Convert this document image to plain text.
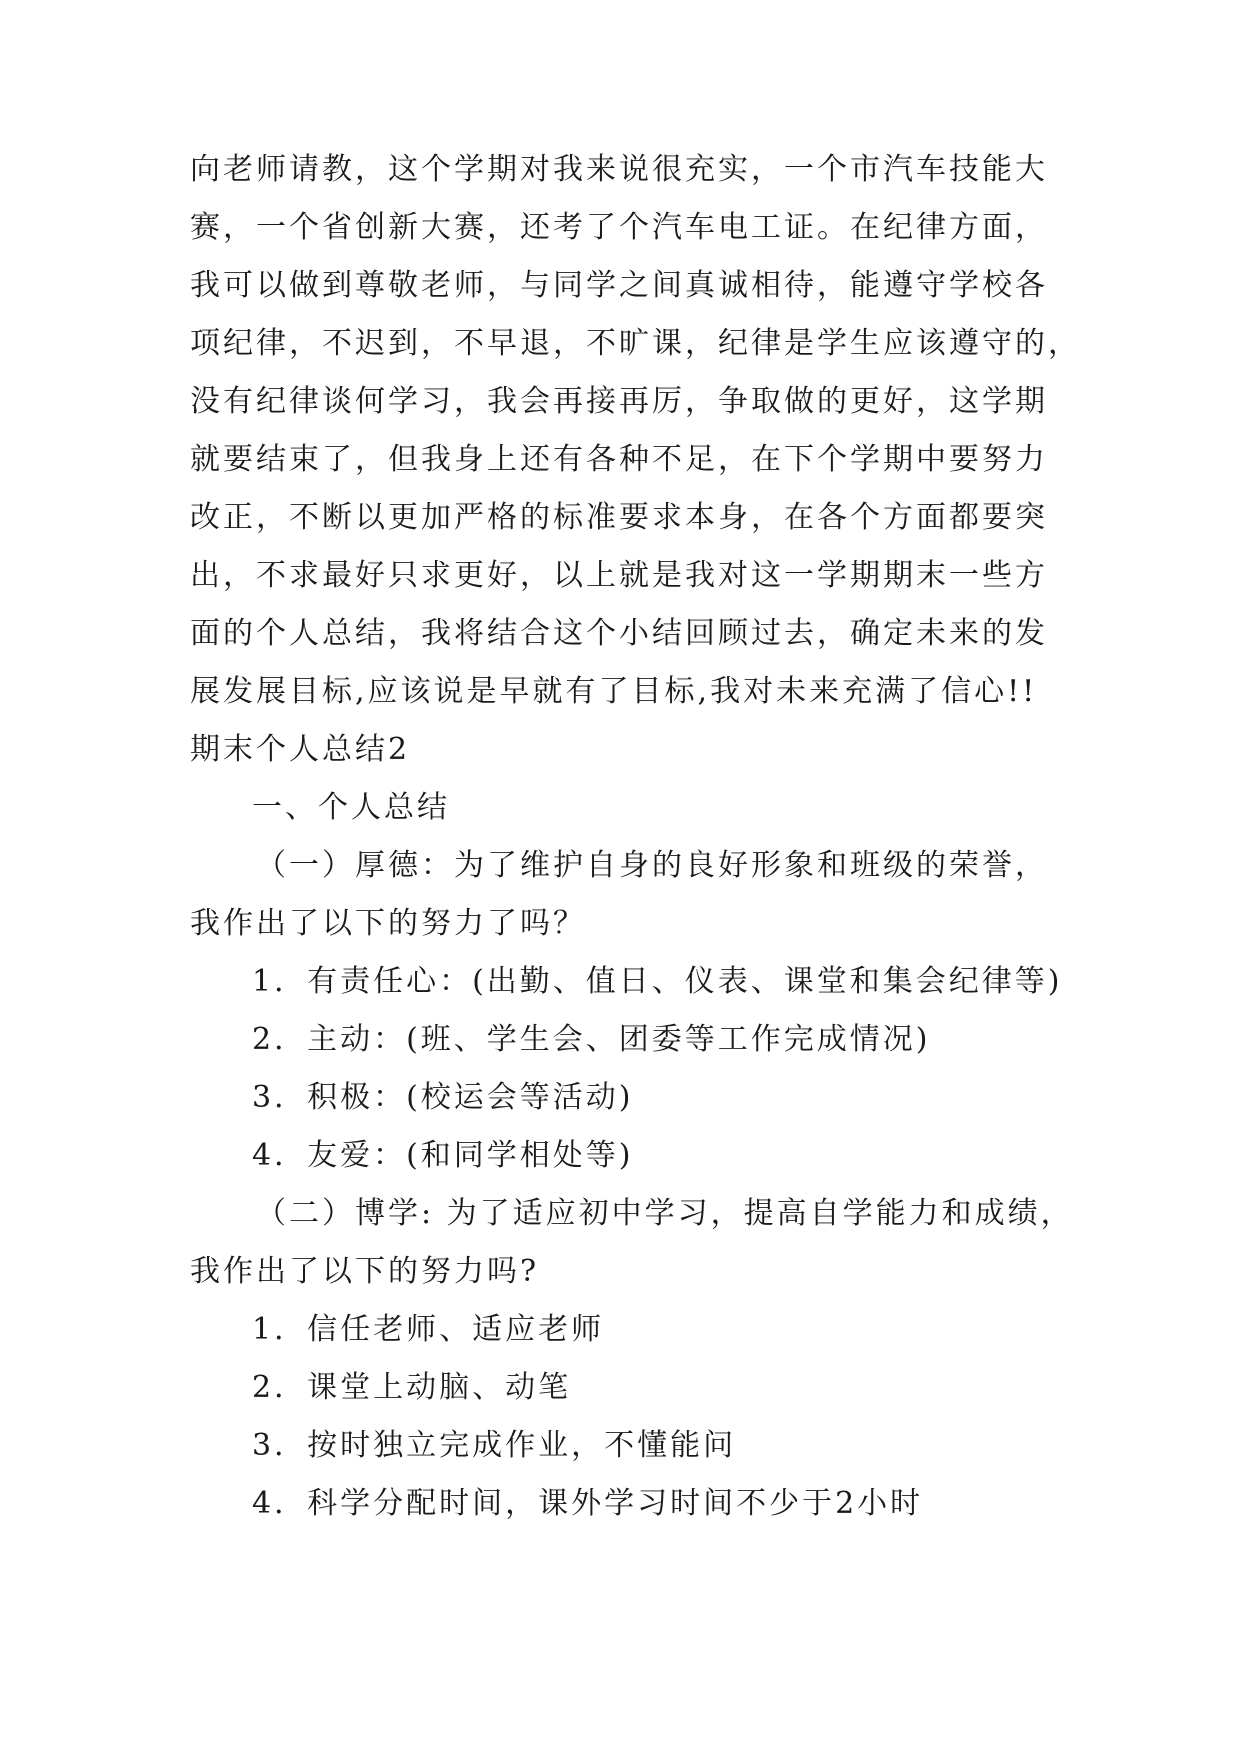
向老师请教，这个学期对我来说很充实，一个市汽车技能大
赛，一个省创新大赛，还考了个汽车电工证。在纪律方面，
我可以做到尊敬老师，与同学之间真诚相待，能遵守学校各
项纪律，不迟到，不早退，不旷课，纪律是学生应该遵守的，
没有纪律谈何学习，我会再接再厉，争取做的更好，这学期
就要结束了，但我身上还有各种不足，在下个学期中要努力
改正，不断以更加严格的标准要求本身，在各个方面都要突
出，不求最好只求更好，以上就是我对这一学期期末一些方
面的个人总结，我将结合这个小结回顾过去，确定未来的发
展发展目标,应该说是早就有了目标,我对未来充满了信心!!
期末个人总结2
一、个人总结
（一）厚德：为了维护自身的良好形象和班级的荣誉，
我作出了以下的努力了吗？
1．有责任心：(出勤、值日、仪表、课堂和集会纪律等)
2．主动：(班、学生会、团委等工作完成情况)
3．积极：(校运会等活动)
4．友爱：(和同学相处等)
（二）博学: 为了适应初中学习，提高自学能力和成绩，
我作出了以下的努力吗?
1．信任老师、适应老师
2．课堂上动脑、动笔
3．按时独立完成作业，不懂能问
4．科学分配时间，课外学习时间不少于2小时
